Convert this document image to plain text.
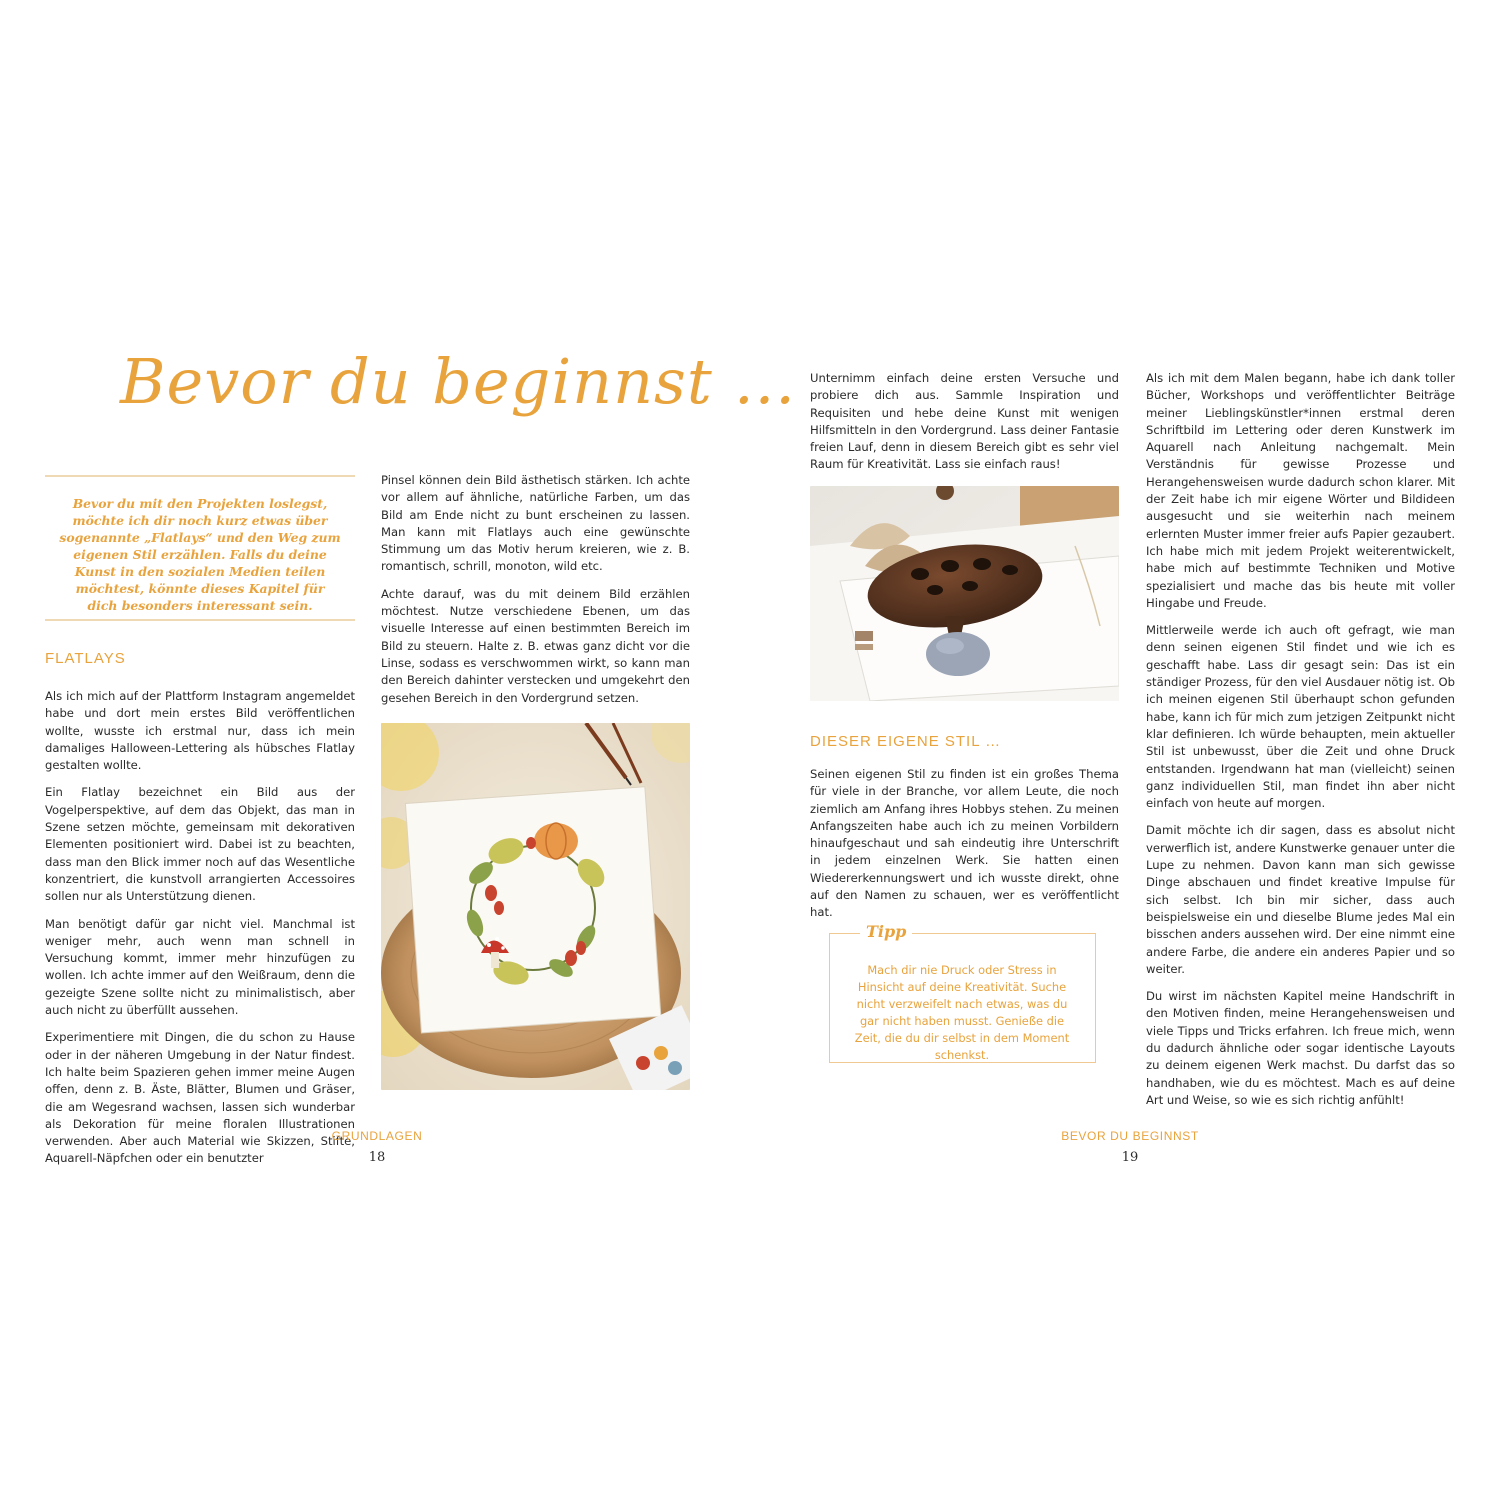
Bevor du beginnst …
Bevor du mit den Projekten loslegst, möchte ich dir noch kurz etwas über sogenannte „Flatlays“ und den Weg zum eigenen Stil erzählen. Falls du deine Kunst in den sozialen Medien teilen möchtest, könnte dieses Kapitel für dich besonders interessant sein.
FLATLAYS

Als ich mich auf der Plattform Instagram angemeldet habe und dort mein erstes Bild veröffentlichen wollte, wusste ich erstmal nur, dass ich mein damaliges Halloween-Lettering als hübsches Flatlay gestalten wollte.

Ein Flatlay bezeichnet ein Bild aus der Vogelperspektive, auf dem das Objekt, das man in Szene setzen möchte, gemeinsam mit dekorativen Elementen positioniert wird. Dabei ist zu beachten, dass man den Blick immer noch auf das Wesentliche konzentriert, die kunstvoll arrangierten Accessoires sollen nur als Unterstützung dienen.

Man benötigt dafür gar nicht viel. Manchmal ist weniger mehr, auch wenn man schnell in Versuchung kommt, immer mehr hinzufügen zu wollen. Ich achte immer auf den Weißraum, denn die gezeigte Szene sollte nicht zu minimalistisch, aber auch nicht zu überfüllt aussehen.

Experimentiere mit Dingen, die du schon zu Hause oder in der näheren Umgebung in der Natur findest. Ich halte beim Spazieren gehen immer meine Augen offen, denn z. B. Äste, Blätter, Blumen und Gräser, die am Wegesrand wachsen, lassen sich wunderbar als Dekoration für meine floralen Illustrationen verwenden. Aber auch Material wie Skizzen, Stifte, Aquarell-Näpfchen oder ein benutzter

Pinsel können dein Bild ästhetisch stärken. Ich achte vor allem auf ähnliche, natürliche Farben, um das Bild am Ende nicht zu bunt erscheinen zu lassen. Man kann mit Flatlays auch eine gewünschte Stimmung um das Motiv herum kreieren, wie z. B. romantisch, schrill, monoton, wild etc.

Achte darauf, was du mit deinem Bild erzählen möchtest. Nutze verschiedene Ebenen, um das visuelle Interesse auf einen bestimmten Bereich im Bild zu steuern. Halte z. B. etwas ganz dicht vor die Linse, sodass es verschwommen wirkt, so kann man den Bereich dahinter verstecken und umgekehrt den gesehen Bereich in den Vordergrund setzen.

GRUNDLAGEN
18

Unternimm einfach deine ersten Versuche und probiere dich aus. Sammle Inspiration und Requisiten und hebe deine Kunst mit wenigen Hilfsmitteln in den Vordergrund. Lass deiner Fantasie freien Lauf, denn in diesem Bereich gibt es sehr viel Raum für Kreativität. Lass sie einfach raus!

DIESER EIGENE STIL …

Seinen eigenen Stil zu finden ist ein großes Thema für viele in der Branche, vor allem Leute, die noch ziemlich am Anfang ihres Hobbys stehen. Zu meinen Anfangszeiten habe auch ich zu meinen Vorbildern hinaufgeschaut und sah eindeutig ihre Unterschrift in jedem einzelnen Werk. Sie hatten einen Wiedererkennungswert und ich wusste direkt, ohne auf den Namen zu schauen, wer es veröffentlicht hat.

Tipp
Mach dir nie Druck oder Stress in Hinsicht auf deine Kreativität. Suche nicht verzweifelt nach etwas, was du gar nicht haben musst. Genieße die Zeit, die du dir selbst in dem Moment schenkst.

Als ich mit dem Malen begann, habe ich dank toller Bücher, Workshops und veröffentlichter Beiträge meiner Lieblingskünstler*innen erstmal deren Schriftbild im Lettering oder deren Kunstwerk im Aquarell nach Anleitung nachgemalt. Mein Verständnis für gewisse Prozesse und Herangehensweisen wurde dadurch schon klarer. Mit der Zeit habe ich mir eigene Wörter und Bildideen ausgesucht und sie weiterhin nach meinem erlernten Muster immer freier aufs Papier gezaubert. Ich habe mich mit jedem Projekt weiterentwickelt, habe mich auf bestimmte Techniken und Motive spezialisiert und mache das bis heute mit voller Hingabe und Freude.

Mittlerweile werde ich auch oft gefragt, wie man denn seinen eigenen Stil findet und wie ich es geschafft habe. Lass dir gesagt sein: Das ist ein ständiger Prozess, für den viel Ausdauer nötig ist. Ob ich meinen eigenen Stil überhaupt schon gefunden habe, kann ich für mich zum jetzigen Zeitpunkt nicht klar definieren. Ich würde behaupten, mein aktueller Stil ist unbewusst, über die Zeit und ohne Druck entstanden. Irgendwann hat man (vielleicht) seinen ganz individuellen Stil, man findet ihn aber nicht einfach von heute auf morgen.

Damit möchte ich dir sagen, dass es absolut nicht verwerflich ist, andere Kunstwerke genauer unter die Lupe zu nehmen. Davon kann man sich gewisse Dinge abschauen und findet kreative Impulse für sich selbst. Ich bin mir sicher, dass auch beispielsweise ein und dieselbe Blume jedes Mal ein bisschen anders aussehen wird. Der eine nimmt eine andere Farbe, die andere ein anderes Papier und so weiter.

Du wirst im nächsten Kapitel meine Handschrift in den Motiven finden, meine Herangehensweisen und viele Tipps und Tricks erfahren. Ich freue mich, wenn du dadurch ähnliche oder sogar identische Layouts zu deinem eigenen Werk machst. Du darfst das so handhaben, wie du es möchtest. Mach es auf deine Art und Weise, so wie es sich richtig anfühlt!

BEVOR DU BEGINNST
19
